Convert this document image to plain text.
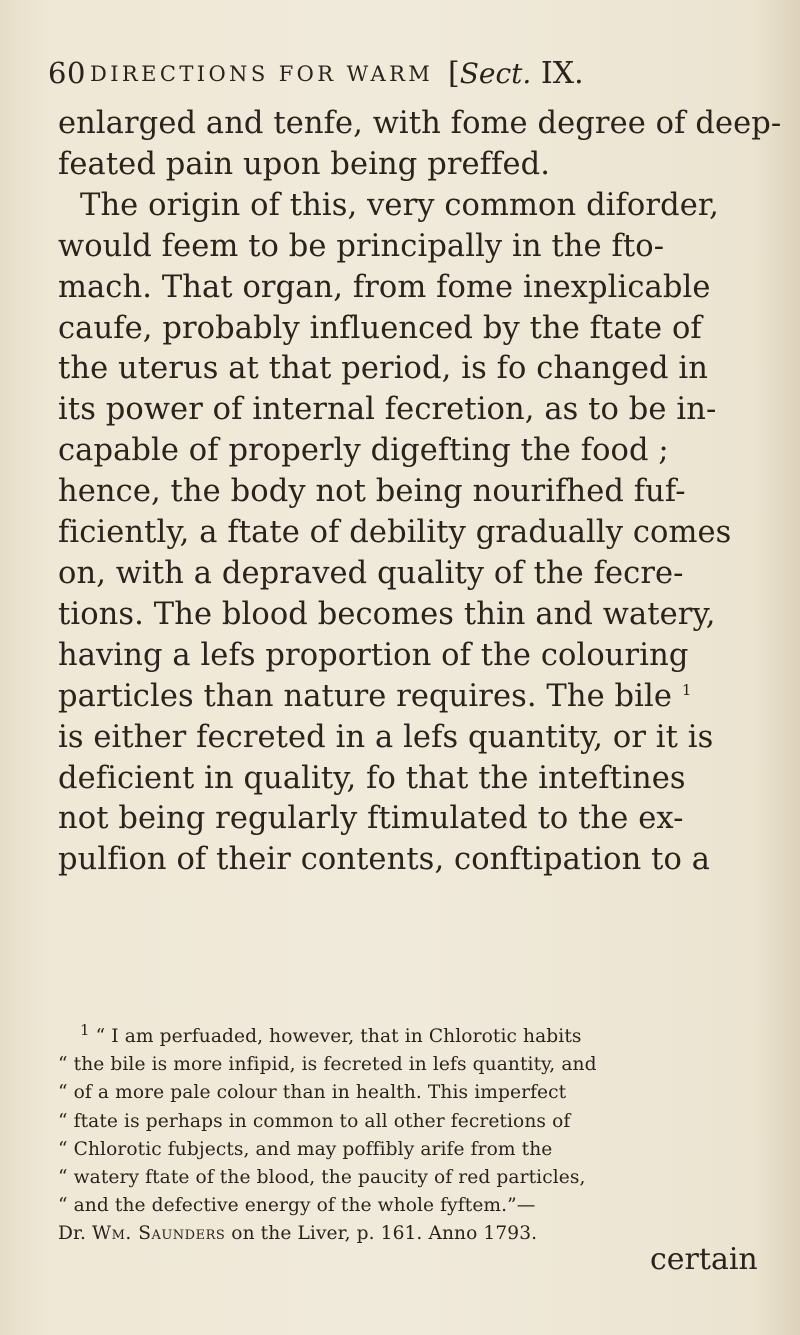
60 DIRECTIONS FOR WARM [Sect. IX.
enlarged and tenfe, with fome degree of deep-
feated pain upon being preffed.
The origin of this, very common diforder,
would feem to be principally in the fto-
mach. That organ, from fome inexplicable
caufe, probably influenced by the ftate of
the uterus at that period, is fo changed in
its power of internal fecretion, as to be in-
capable of properly digefting the food ;
hence, the body not being nourifhed fuf-
ficiently, a ftate of debility gradually comes
on, with a depraved quality of the fecre-
tions. The blood becomes thin and watery,
having a lefs proportion of the colouring
particles than nature requires. The bile $^1$
is either fecreted in a lefs quantity, or it is
deficient in quality, fo that the inteftines
not being regularly ftimulated to the ex-
pulfion of their contents, conftipation to a
$^1$ “ I am perfuaded, however, that in Chlorotic habits
“ the bile is more infipid, is fecreted in lefs quantity, and
“ of a more pale colour than in health. This imperfect
“ ftate is perhaps in common to all other fecretions of
“ Chlorotic fubjects, and may poffibly arife from the
“ watery ftate of the blood, the paucity of red particles,
“ and the defective energy of the whole fyftem.”—
Dr. Wm. Saunders on the Liver, p. 161. Anno 1793.
certain
